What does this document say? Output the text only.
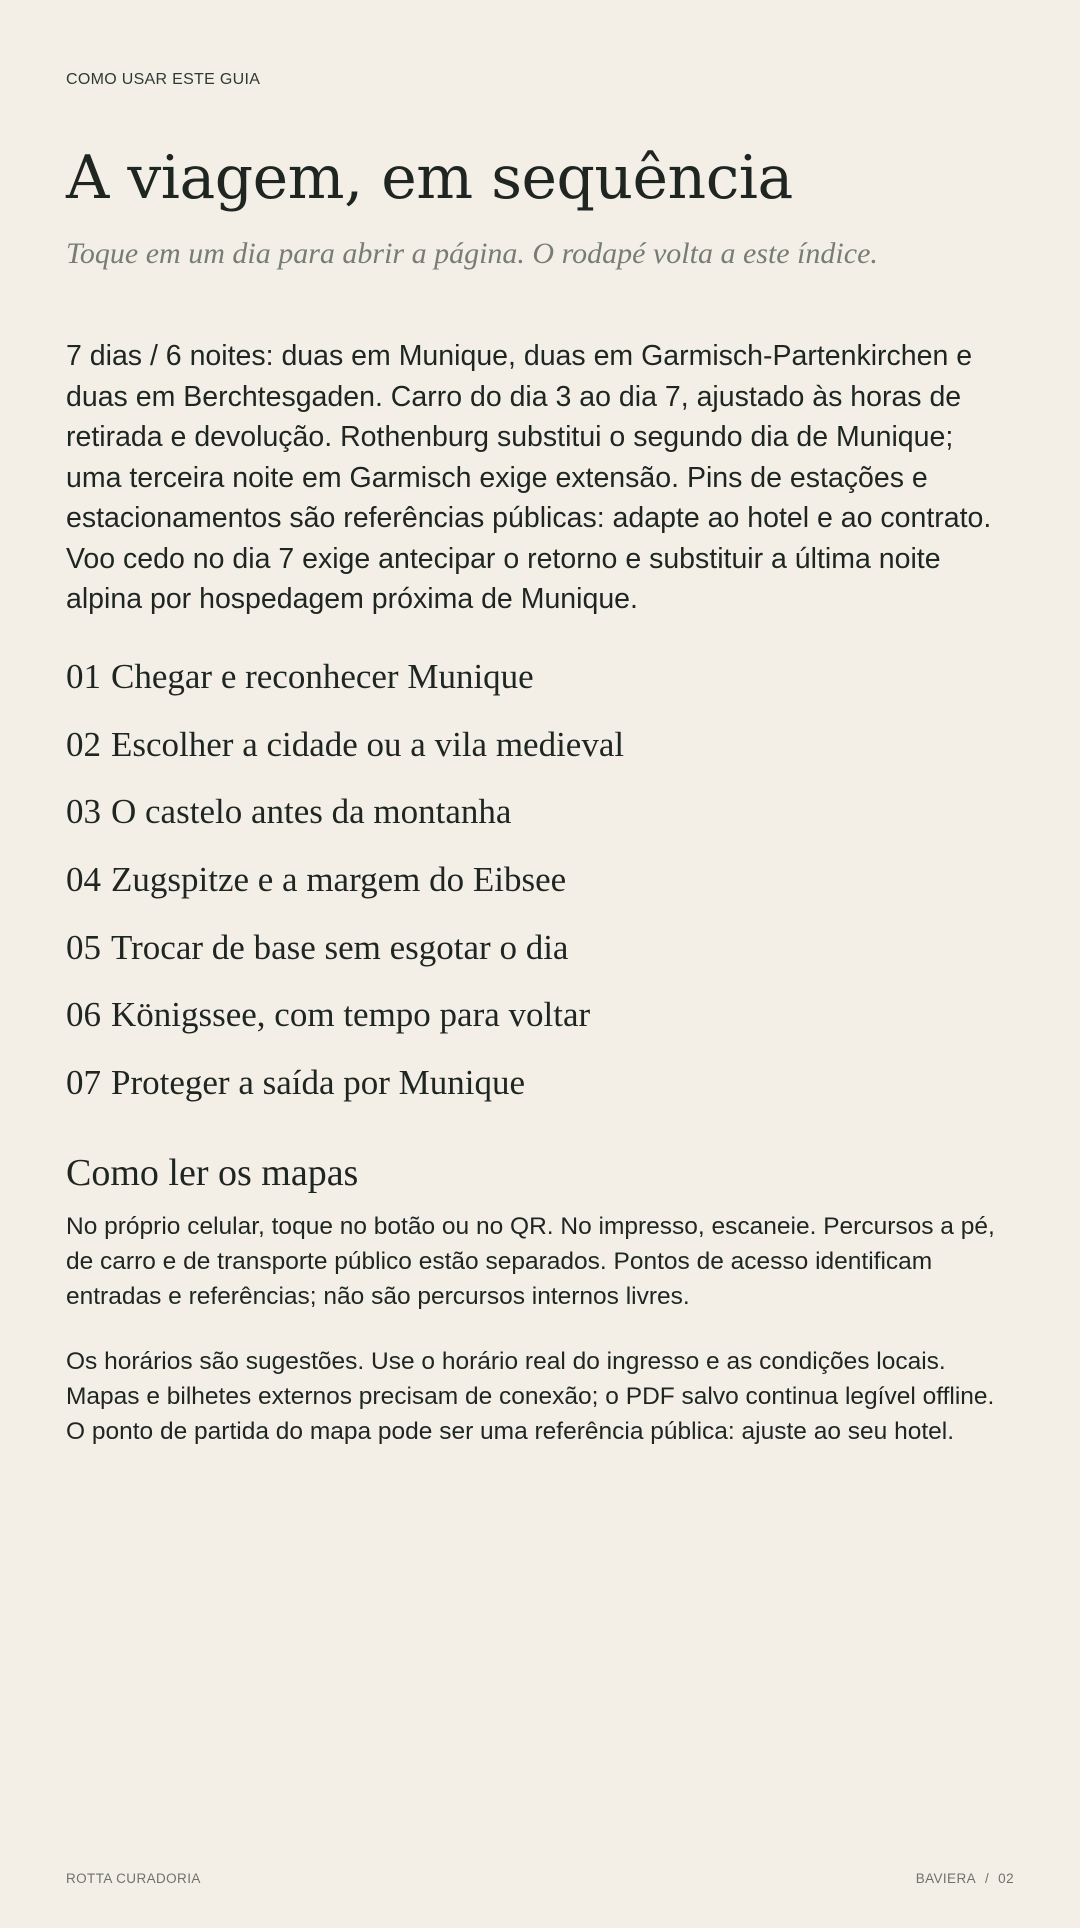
COMO USAR ESTE GUIA
A viagem, em sequência
Toque em um dia para abrir a página. O rodapé volta a este índice.

7 dias / 6 noites: duas em Munique, duas em Garmisch-Partenkirchen e duas em Berchtesgaden. Carro do dia 3 ao dia 7, ajustado às horas de retirada e devolução. Rothenburg substitui o segundo dia de Munique; uma terceira noite em Garmisch exige extensão. Pins de estações e estacionamentos são referências públicas: adapte ao hotel e ao contrato. Voo cedo no dia 7 exige antecipar o retorno e substituir a última noite alpina por hospedagem próxima de Munique.

01 Chegar e reconhecer Munique
02 Escolher a cidade ou a vila medieval
03 O castelo antes da montanha
04 Zugspitze e a margem do Eibsee
05 Trocar de base sem esgotar o dia
06 Königssee, com tempo para voltar
07 Proteger a saída por Munique
Como ler os mapas

No próprio celular, toque no botão ou no QR. No impresso, escaneie. Percursos a pé, de carro e de transporte público estão separados. Pontos de acesso identificam entradas e referências; não são percursos internos livres.

Os horários são sugestões. Use o horário real do ingresso e as condições locais. Mapas e bilhetes externos precisam de conexão; o PDF salvo continua legível offline. O ponto de partida do mapa pode ser uma referência pública: ajuste ao seu hotel.

ROTTA CURADORIA	BAVIERA / 02
